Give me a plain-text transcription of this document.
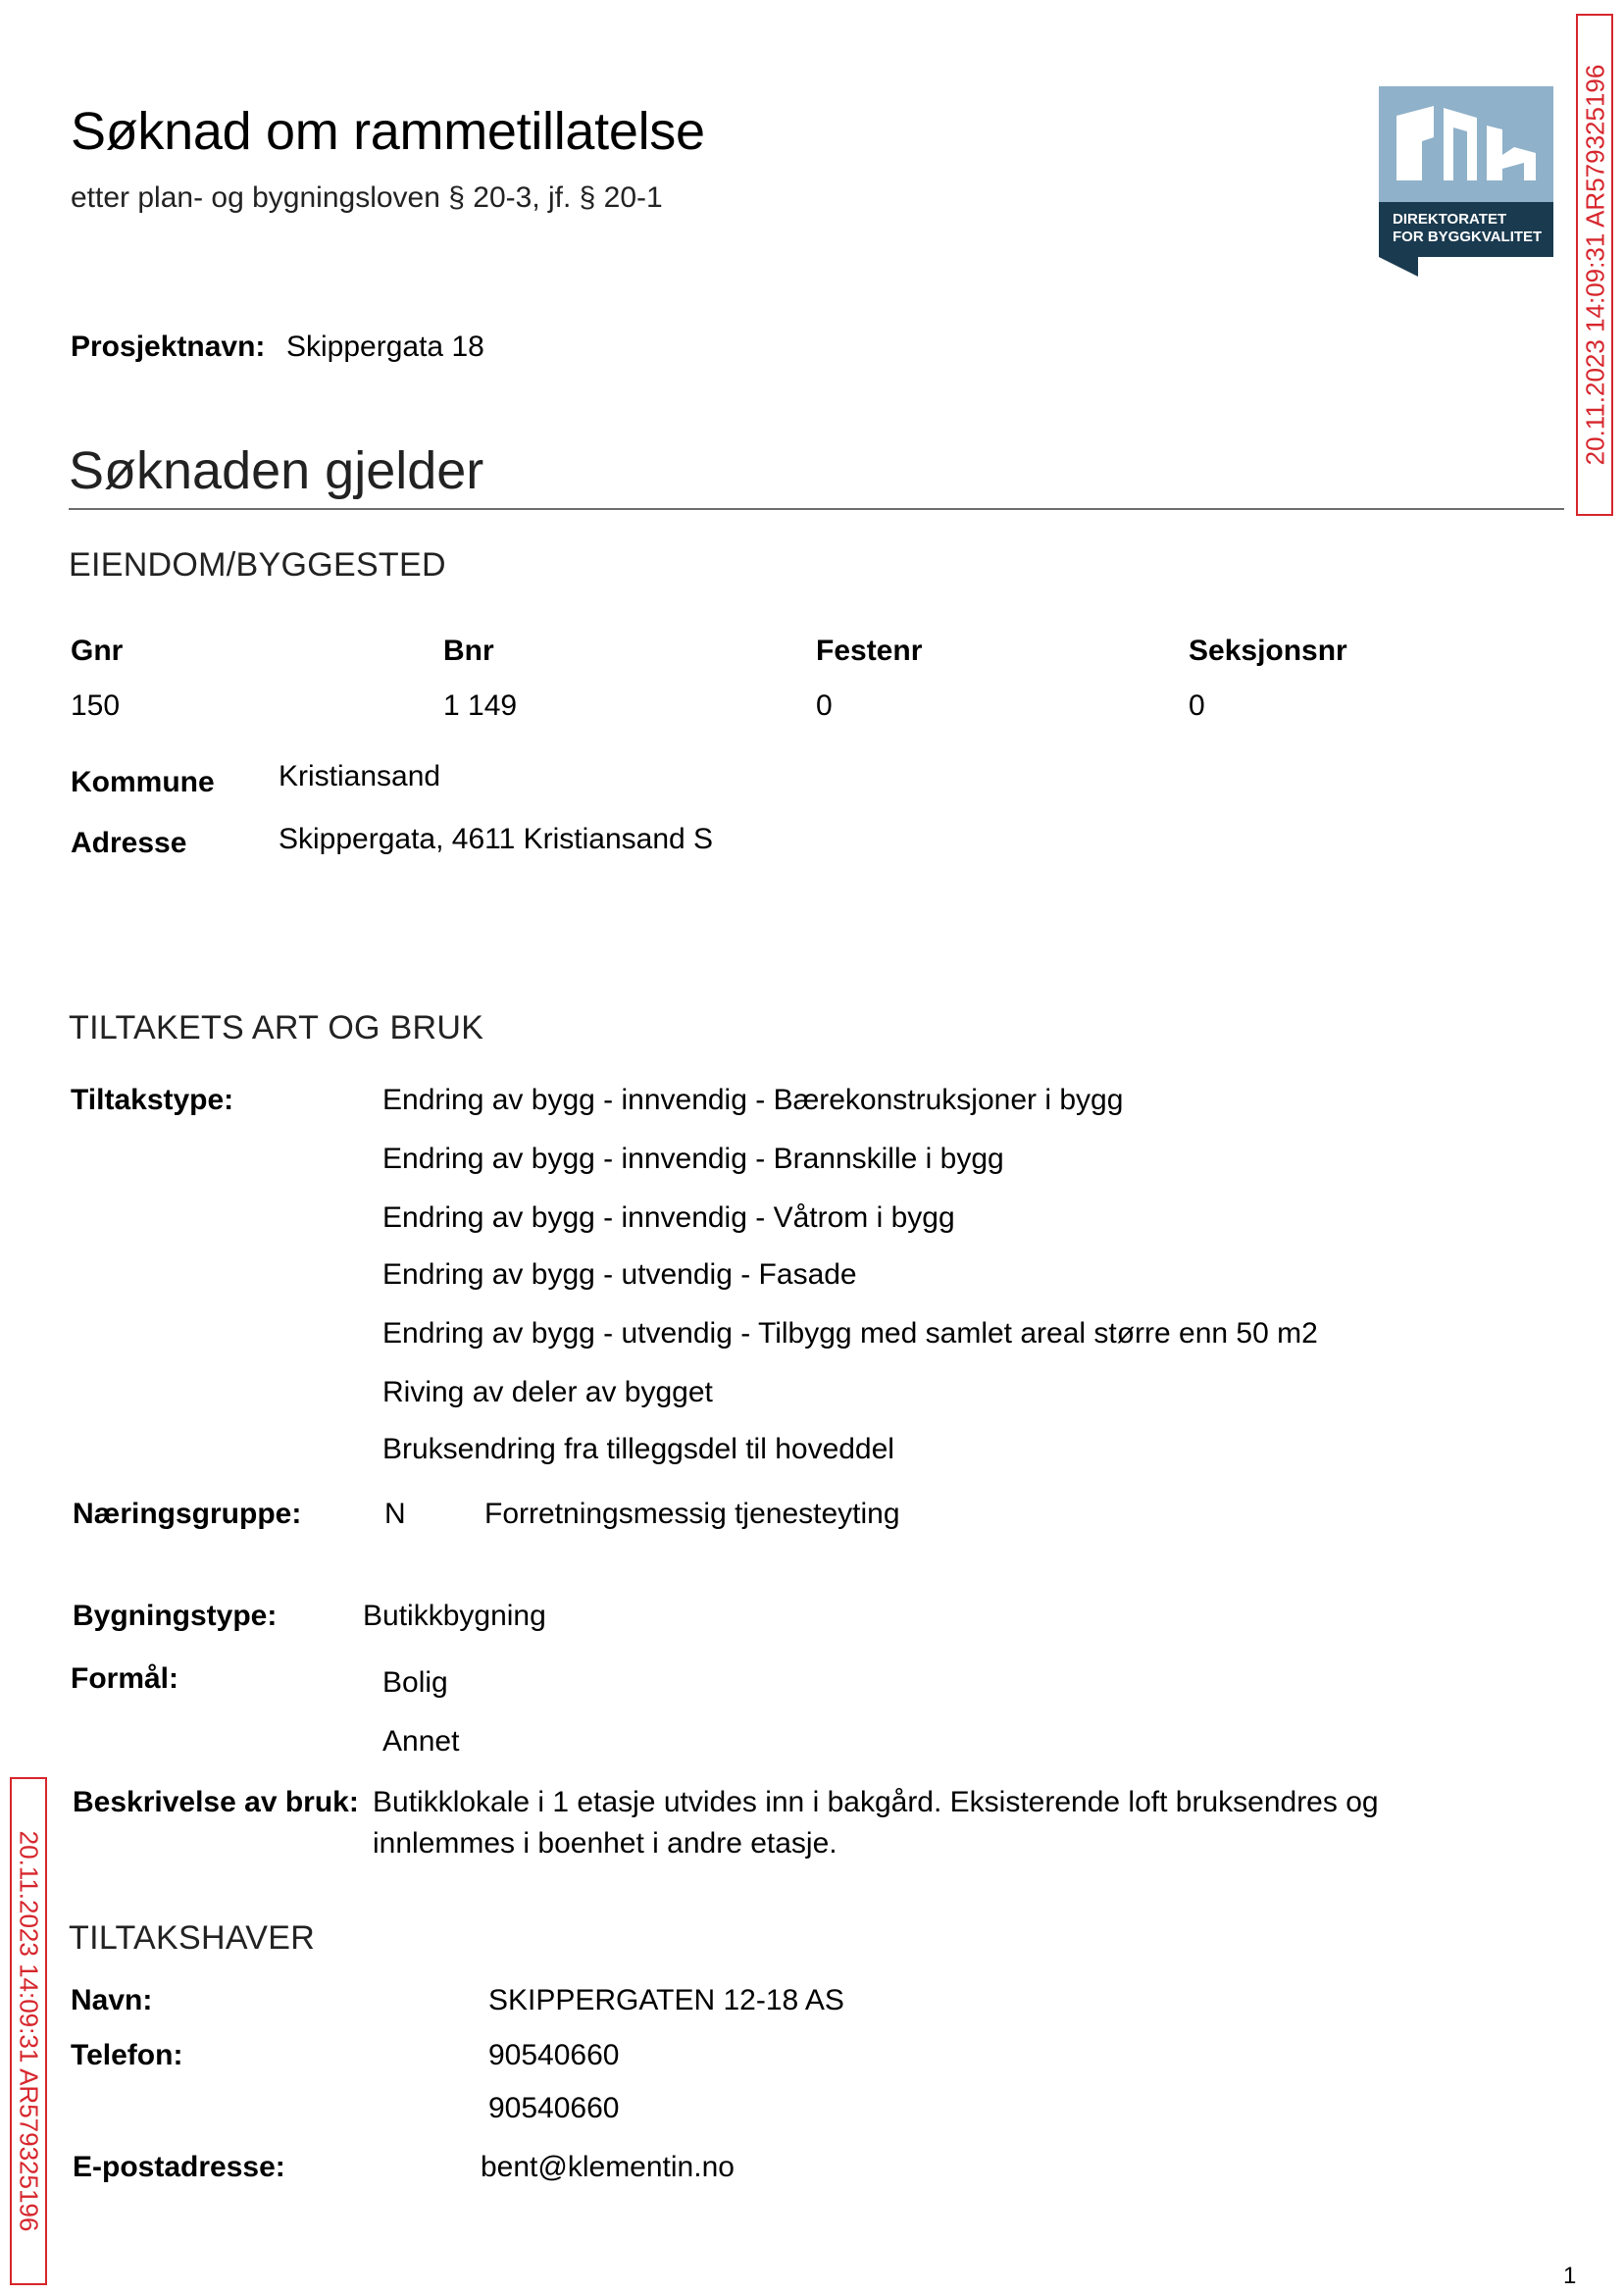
Søknad om rammetillatelse
etter plan- og bygningsloven § 20-3, jf. § 20-1
DIREKTORATET
FOR BYGGKVALITET 20.11.2023 14:09:31 AR579325196
20.11.2023 14:09:31 AR579325196
Prosjektnavn: Skippergata 18
Søknaden gjelder
EIENDOM/BYGGESTED
Gnr	Bnr	Festenr	Seksjonsnr
150	1 149	0	0
Kommune Kristiansand
Adresse	Skippergata, 4611 Kristiansand S
TILTAKETS ART OG BRUK
Tiltakstype:	Endring av bygg - innvendig - Bærekonstruksjoner i bygg
Endring av bygg - innvendig - Brannskille i bygg
Endring av bygg - innvendig - Våtrom i bygg
Endring av bygg - utvendig - Fasade
Endring av bygg - utvendig - Tilbygg med samlet areal større enn 50 m2
Riving av deler av bygget
Bruksendring fra tilleggsdel til hoveddel
Næringsgruppe:	N	Forretningsmessig tjenesteyting
Bygningstype:	Butikkbygning
Formål:	Bolig
Annet
Beskrivelse av bruk: Butikklokale i 1 etasje utvides inn i bakgård. Eksisterende loft bruksendres og
innlemmes i boenhet i andre etasje.
TILTAKSHAVER
Navn:	SKIPPERGATEN 12-18 AS
Telefon:	90540660
90540660
E-postadresse:	bent@klementin.no
1
